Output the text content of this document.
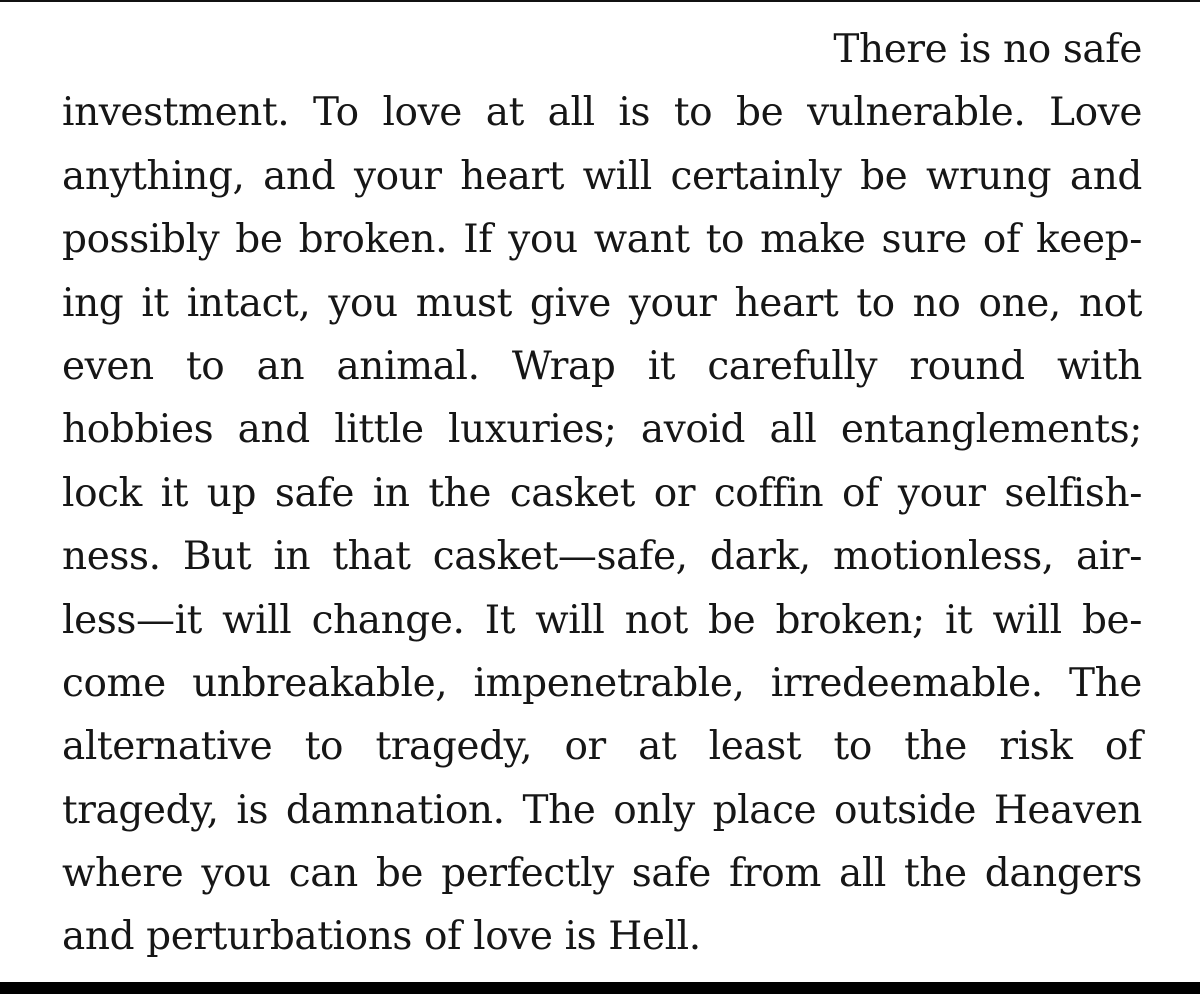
There is no safe
investment. To love at all is to be vulnerable. Love
anything, and your heart will certainly be wrung and
possibly be broken. If you want to make sure of keep-
ing it intact, you must give your heart to no one, not
even to an animal. Wrap it carefully round with
hobbies and little luxuries; avoid all entanglements;
lock it up safe in the casket or coffin of your selfish-
ness. But in that casket—safe, dark, motionless, air-
less—it will change. It will not be broken; it will be-
come unbreakable, impenetrable, irredeemable. The
alternative to tragedy, or at least to the risk of
tragedy, is damnation. The only place outside Heaven
where you can be perfectly safe from all the dangers
and perturbations of love is Hell.
